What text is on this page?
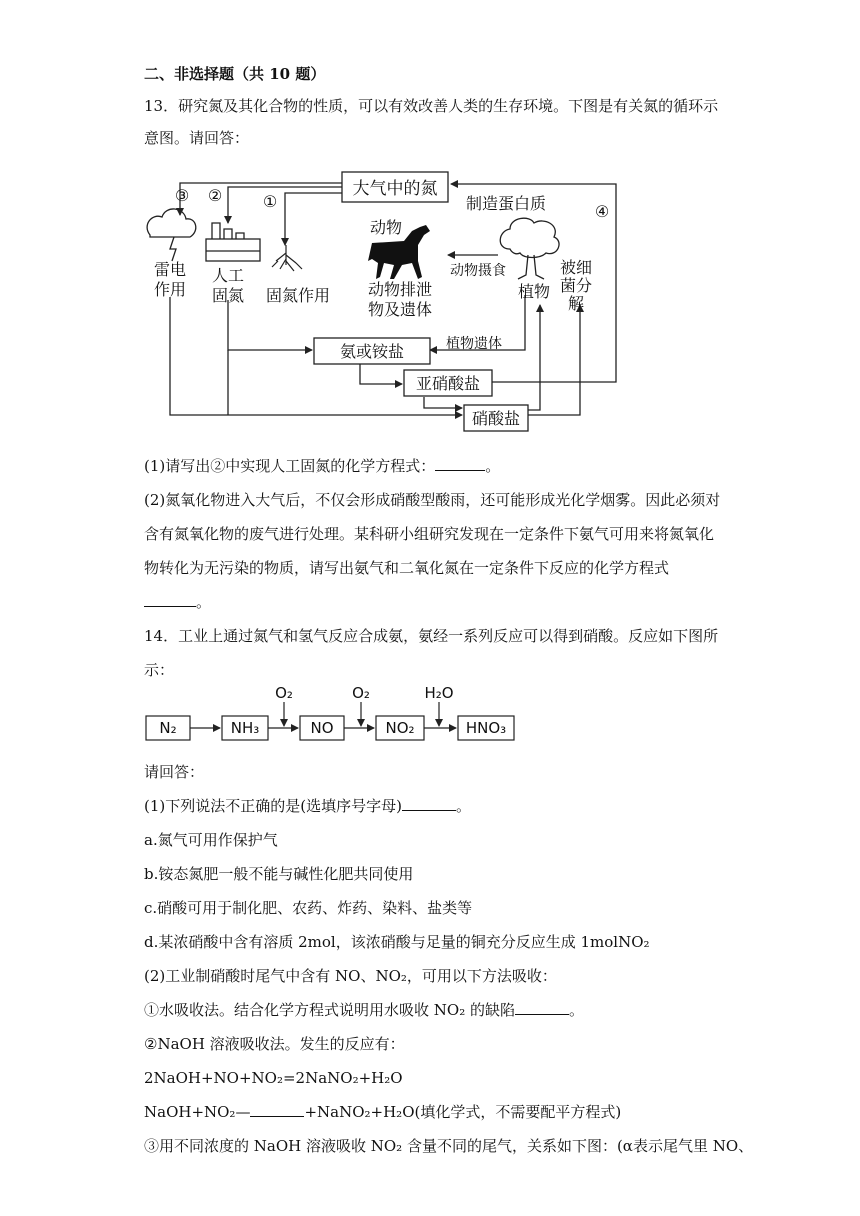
二、非选择题（共 10 题）
13．研究氮及其化合物的性质，可以有效改善人类的生存环境。下图是有关氮的循环示
意图。请回答：
大气中的氮
③ ②	①
④
雷电
作用
人工
固氮 固氮作用
动物
动物排泄
物及遗体
制造蛋白质
动物摄食
植物
被细
菌分
解
氨或铵盐	植物遗体
亚硝酸盐
硝酸盐
(1)请写出②中实现人工固氮的化学方程式：	。
(2)氮氧化物进入大气后，不仅会形成硝酸型酸雨，还可能形成光化学烟雾。因此必须对
含有氮氧化物的废气进行处理。某科研小组研究发现在一定条件下氨气可用来将氮氧化
物转化为无污染的物质，请写出氨气和二氧化氮在一定条件下反应的化学方程式
。
14．工业上通过氮气和氢气反应合成氨，氨经一系列反应可以得到硝酸。反应如下图所
示：
N₂	NH₃	NO	NO₂	HNO₃
O₂	O₂	H₂O
请回答：
(1)下列说法不正确的是(选填序号字母)	。
a.氮气可用作保护气
b.铵态氮肥一般不能与碱性化肥共同使用
c.硝酸可用于制化肥、农药、炸药、染料、盐类等
d.某浓硝酸中含有溶质 2mol，该浓硝酸与足量的铜充分反应生成 1molNO₂
(2)工业制硝酸时尾气中含有 NO、NO₂，可用以下方法吸收：
①水吸收法。结合化学方程式说明用水吸收 NO₂ 的缺陷	。
②NaOH 溶液吸收法。发生的反应有：
2NaOH+NO+NO₂=2NaNO₂+H₂O
NaOH+NO₂—	+NaNO₂+H₂O(填化学式，不需要配平方程式)
③用不同浓度的 NaOH 溶液吸收 NO₂ 含量不同的尾气，关系如下图：(α表示尾气里 NO、
